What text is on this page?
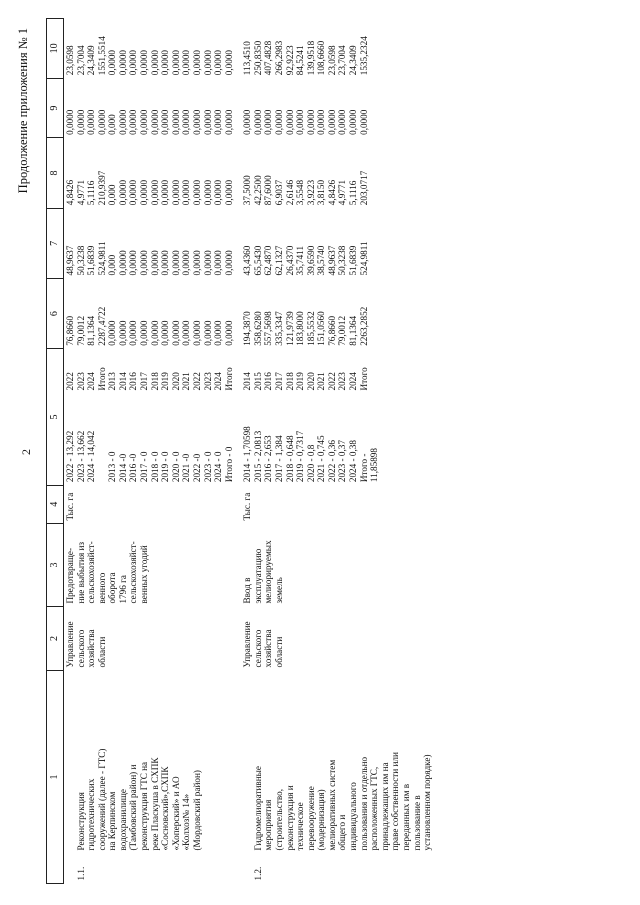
2
Продолжение приложения № 1
1	2	3	4	5	6	7	8	9	10

1.1.	Реконструкция
гидротехнических
сооружений (далее - ГТС)
на Керпинском
водохранилище
(Тамбовский район) и
реконструкция ГТС на
реке Пласкуша в СХПК
«Сосновский»,СХПК
«Хоперский» и АО
«Колхоз№ 14»
(Мордовский район)

	Управление
сельского
хозяйства
области	Предотвраще-
ние выбытия из
сельскохозяйст-
венного
оборота
1796 га
сельскохозяйст-
венных угодий	Тыс. га	2022 - 13,292
2023 - 13,662
2024 - 14,042

2013 - 0
2014 -0
2016 -0
2017 - 0
2018 - 0
2019 - 0
2020 - 0
2021 -0
2022 -0
2023 - 0
2024 - 0
Итого - 0	2022
2023
2024
Итого
2013
2014
2016
2017
2018
2019
2020
2021
2022
2023
2024
Итого	76,8660
79,0012
81,1364
2287,4722
0,0000
0,0000
0,0000
0,0000
0,0000
0,0000
0,0000
0,0000
0,0000
0,0000
0,0000
0,0000	48,9637
50,3238
51,6839
524,9811
0,000
0,0000
0,0000
0,0000
0,0000
0,0000
0,0000
0,0000
0,0000
0,0000
0,0000
0,0000	4,8426
4,9771
5,1116
210,9397
0,000
0,0000
0,0000
0,0000
0,0000
0,0000
0,0000
0,0000
0,0000
0,0000
0,0000
0,0000	0,0000
0,0000
0,0000
0,0000
0,000
0,0000
0,0000
0,0000
0,0000
0,0000
0,0000
0,0000
0,0000
0,0000
0,0000
0,0000	23,0598
23,7004
24,3409
1551,5514
0,0000
0,0000
0,0000
0,0000
0,0000
0,0000
0,0000
0,0000
0,0000
0,0000
0,0000
0,0000

1.2.	Гидромелиоративные
мероприятия
(строительство,
реконструкция и
техническое
перевооружение
(модернизация)
мелиоративных систем
общего и
индивидуального
пользования и отдельно
расположенных ГТС,
принадлежащих им на
праве собственности или
переданных им в
пользование в
установленном порядке)

	Управление
сельского
хозяйства
области	Ввод в
эксплуатацию
мелиорируемых
земель	Тыс. га	2014 - 1,70598
2015 - 2,0813
2016 - 2,653
2017 - 1,384
2018 - 0,648
2019 - 0,7317
2020 - 0,8
2021 - 0,745
2022 - 0,36
2023 - 0,37
2024 - 0,38
Итого -
11,85898	2014
2015
2016
2017
2018
2019
2020
2021
2022
2023
2024
Итого	194,3870
358,6280
557,5698
335,3347
121,9739
183,8000
185,5532
151,0560
76,8660
79,0012
81,1364
2263,2852	43,4360
65,5430
62,4870
62,1327
26,4370
35,7411
39,6590
38,5740
48,9637
50,3238
51,6839
524,9811	37,5000
42,2500
87,6000
6,9037
2,6146
3,5548
3,9223
3,8150
4,8426
4,9771
5,1116
203,0717	0,0000
0,0000
0,0000
0,0000
0,0000
0,0000
0,0000
0,0000
0,0000
0,0000
0,0000
0,0000	113,4510
250,8350
407,4828
266,2983
92,9223
84,5241
139,9518
108,6660
23,0598
23,7004
24,3409
1535,2324
